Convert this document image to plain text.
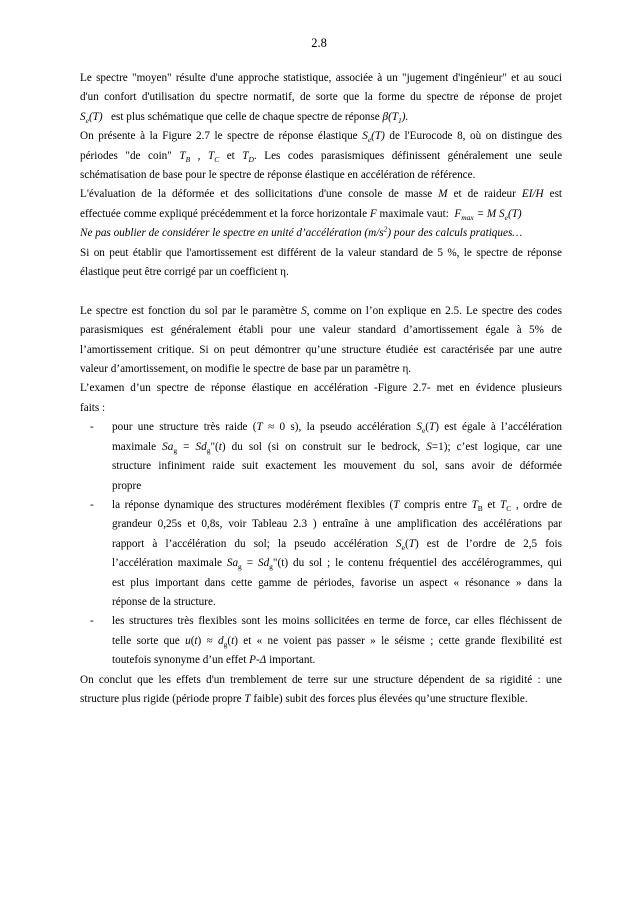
2.8

Le spectre "moyen" résulte d'une approche statistique, associée à un "jugement d'ingénieur" et au souci

d'un confort d'utilisation du spectre normatif, de sorte que la forme du spectre de réponse de projet

$S_e(T)$ est plus schématique que celle de chaque spectre de réponse $\beta(T_1)$.

On présente à la Figure 2.7 le spectre de réponse élastique $S_e(T)$ de l'Eurocode 8, où on distingue des

périodes "de coin" $T_B$ , $T_C$ et $T_D$. Les codes parasismiques définissent généralement une seule

schématisation de base pour le spectre de réponse élastique en accélération de référence.

L'évaluation de la déformée et des sollicitations d'une console de masse M et de raideur EI/H est

effectuée comme expliqué précédemment et la force horizontale F maximale vaut: $F_{max} = M$ $S_e(T)$

Ne pas oublier de considérer le spectre en unité d’accélération $(m/s^2)$ pour des calculs pratiques…

Si on peut établir que l'amortissement est différent de la valeur standard de 5 %, le spectre de réponse

élastique peut être corrigé par un coefficient η.

Le spectre est fonction du sol par le paramètre S, comme on l’on explique en 2.5. Le spectre des codes

parasismiques est généralement établi pour une valeur standard d’amortissement égale à 5% de

l’amortissement critique. Si on peut démontrer qu’une structure étudiée est caractérisée par une autre

valeur d’amortissement, on modifie le spectre de base par un paramètre η.

L’examen d’un spectre de réponse élastique en accélération -Figure 2.7- met en évidence plusieurs

faits :

- pour une structure très raide (T ≈ 0 s), la pseudo accélération $S_e(T)$ est égale à l’accélération

maximale $Sa_g$ = $Sd_g"(t)$ du sol (si on construit sur le bedrock, S=1); c’est logique, car une

structure infiniment raide suit exactement les mouvement du sol, sans avoir de déformée

propre

- la réponse dynamique des structures modérément flexibles (T compris entre $T_B$ et $T_C$ , ordre de

grandeur 0,25s et 0,8s, voir Tableau 2.3 ) entraîne à une amplification des accélérations par

rapport à l’accélération du sol; la pseudo accélération $S_e(T)$ est de l’ordre de 2,5 fois

l’accélération maximale $Sa_g$ = $Sd_g"(t)$ du sol ; le contenu fréquentiel des accélérogrammes, qui

est plus important dans cette gamme de périodes, favorise un aspect « résonance » dans la

réponse de la structure.

- les structures très flexibles sont les moins sollicitées en terme de force, car elles fléchissent de

telle sorte que $u(t) \approx d_g(t)$ et « ne voient pas passer » le séisme ; cette grande flexibilité est

toutefois synonyme d’un effet P-Δ important.

On conclut que les effets d'un tremblement de terre sur une structure dépendent de sa rigidité : une

structure plus rigide (période propre T faible) subit des forces plus élevées qu’une structure flexible.
